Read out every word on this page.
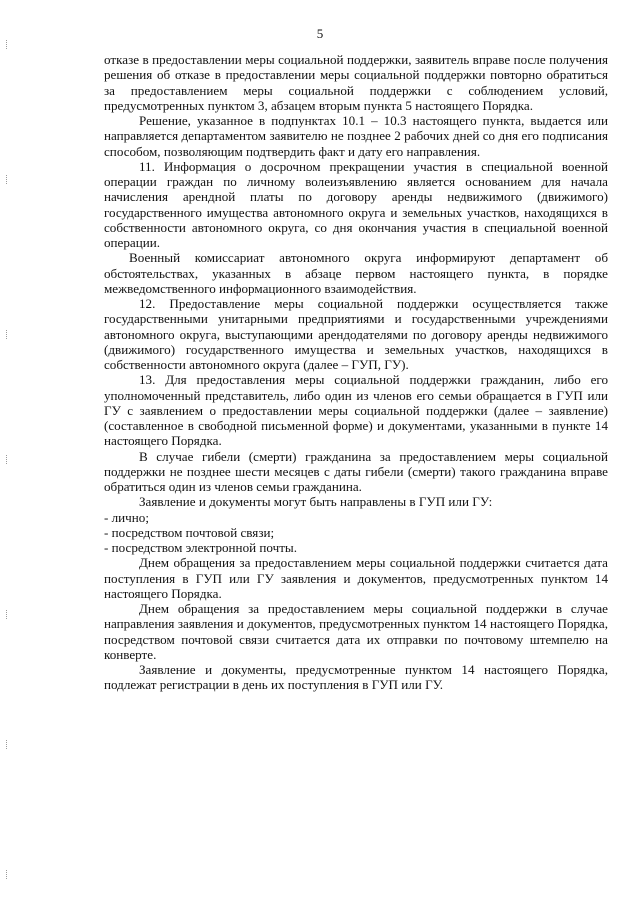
5

отказе в предоставлении меры социальной поддержки, заявитель вправе после получения решения об отказе в предоставлении меры социальной поддержки повторно обратиться за предоставлением меры социальной поддержки с соблюдением условий, предусмотренных пунктом 3, абзацем вторым пункта 5 настоящего Порядка.

Решение, указанное в подпунктах 10.1 – 10.3 настоящего пункта, выдается или направляется департаментом заявителю не позднее 2 рабочих дней со дня его подписания способом, позволяющим подтвердить факт и дату его направления.

11. Информация о досрочном прекращении участия в специальной военной операции граждан по личному волеизъявлению является основанием для начала начисления арендной платы по договору аренды недвижимого (движимого) государственного имущества автономного округа и земельных участков, находящихся в собственности автономного округа, со дня окончания участия в специальной военной операции.

Военный комиссариат автономного округа информируют департамент об обстоятельствах, указанных в абзаце первом настоящего пункта, в порядке межведомственного информационного взаимодействия.

12. Предоставление меры социальной поддержки осуществляется также государственными унитарными предприятиями и государственными учреждениями автономного округа, выступающими арендодателями по договору аренды недвижимого (движимого) государственного имущества и земельных участков, находящихся в собственности автономного округа (далее – ГУП, ГУ).

13. Для предоставления меры социальной поддержки гражданин, либо его уполномоченный представитель, либо один из членов его семьи обращается в ГУП или ГУ с заявлением о предоставлении меры социальной поддержки (далее – заявление) (составленное в свободной письменной форме) и документами, указанными в пункте 14 настоящего Порядка.

В случае гибели (смерти) гражданина за предоставлением меры социальной поддержки не позднее шести месяцев с даты гибели (смерти) такого гражданина вправе обратиться один из членов семьи гражданина.

Заявление и документы могут быть направлены в ГУП или ГУ:

- лично;

- посредством почтовой связи;

- посредством электронной почты.

Днем обращения за предоставлением меры социальной поддержки считается дата поступления в ГУП или ГУ заявления и документов, предусмотренных пунктом 14 настоящего Порядка.

Днем обращения за предоставлением меры социальной поддержки в случае направления заявления и документов, предусмотренных пунктом 14 настоящего Порядка, посредством почтовой связи считается дата их отправки по почтовому штемпелю на конверте.

Заявление и документы, предусмотренные пунктом 14 настоящего Порядка, подлежат регистрации в день их поступления в ГУП или ГУ.
